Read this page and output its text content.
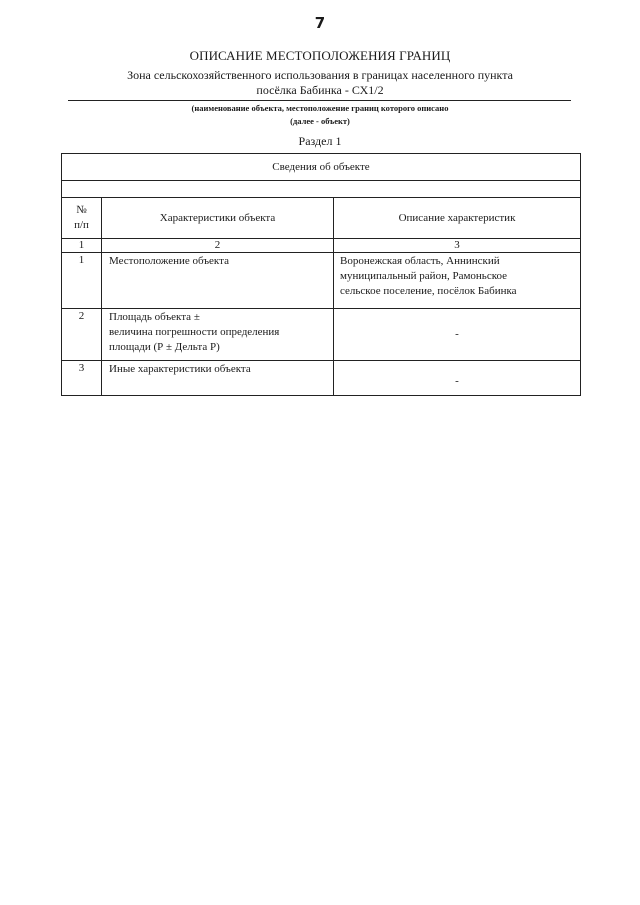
7
ОПИСАНИЕ МЕСТОПОЛОЖЕНИЯ ГРАНИЦ
Зона сельскохозяйственного использования в границах населенного пункта
посёлка Бабинка - СХ1/2
(наименование объекта, местоположение границ которого описано
(далее - объект)
Раздел 1
Сведения об объекте		

№
п/п	Характеристики объекта	Описание характеристик
1	2	3
1	Местоположение объекта	Воронежская область, Аннинский
муниципальный район, Рамоньское
сельское поселение, посёлок Бабинка

2	Площадь объекта ±
величина погрешности определения
площади (Р ± Дельта Р)	-

3	Иные характеристики объекта	-
